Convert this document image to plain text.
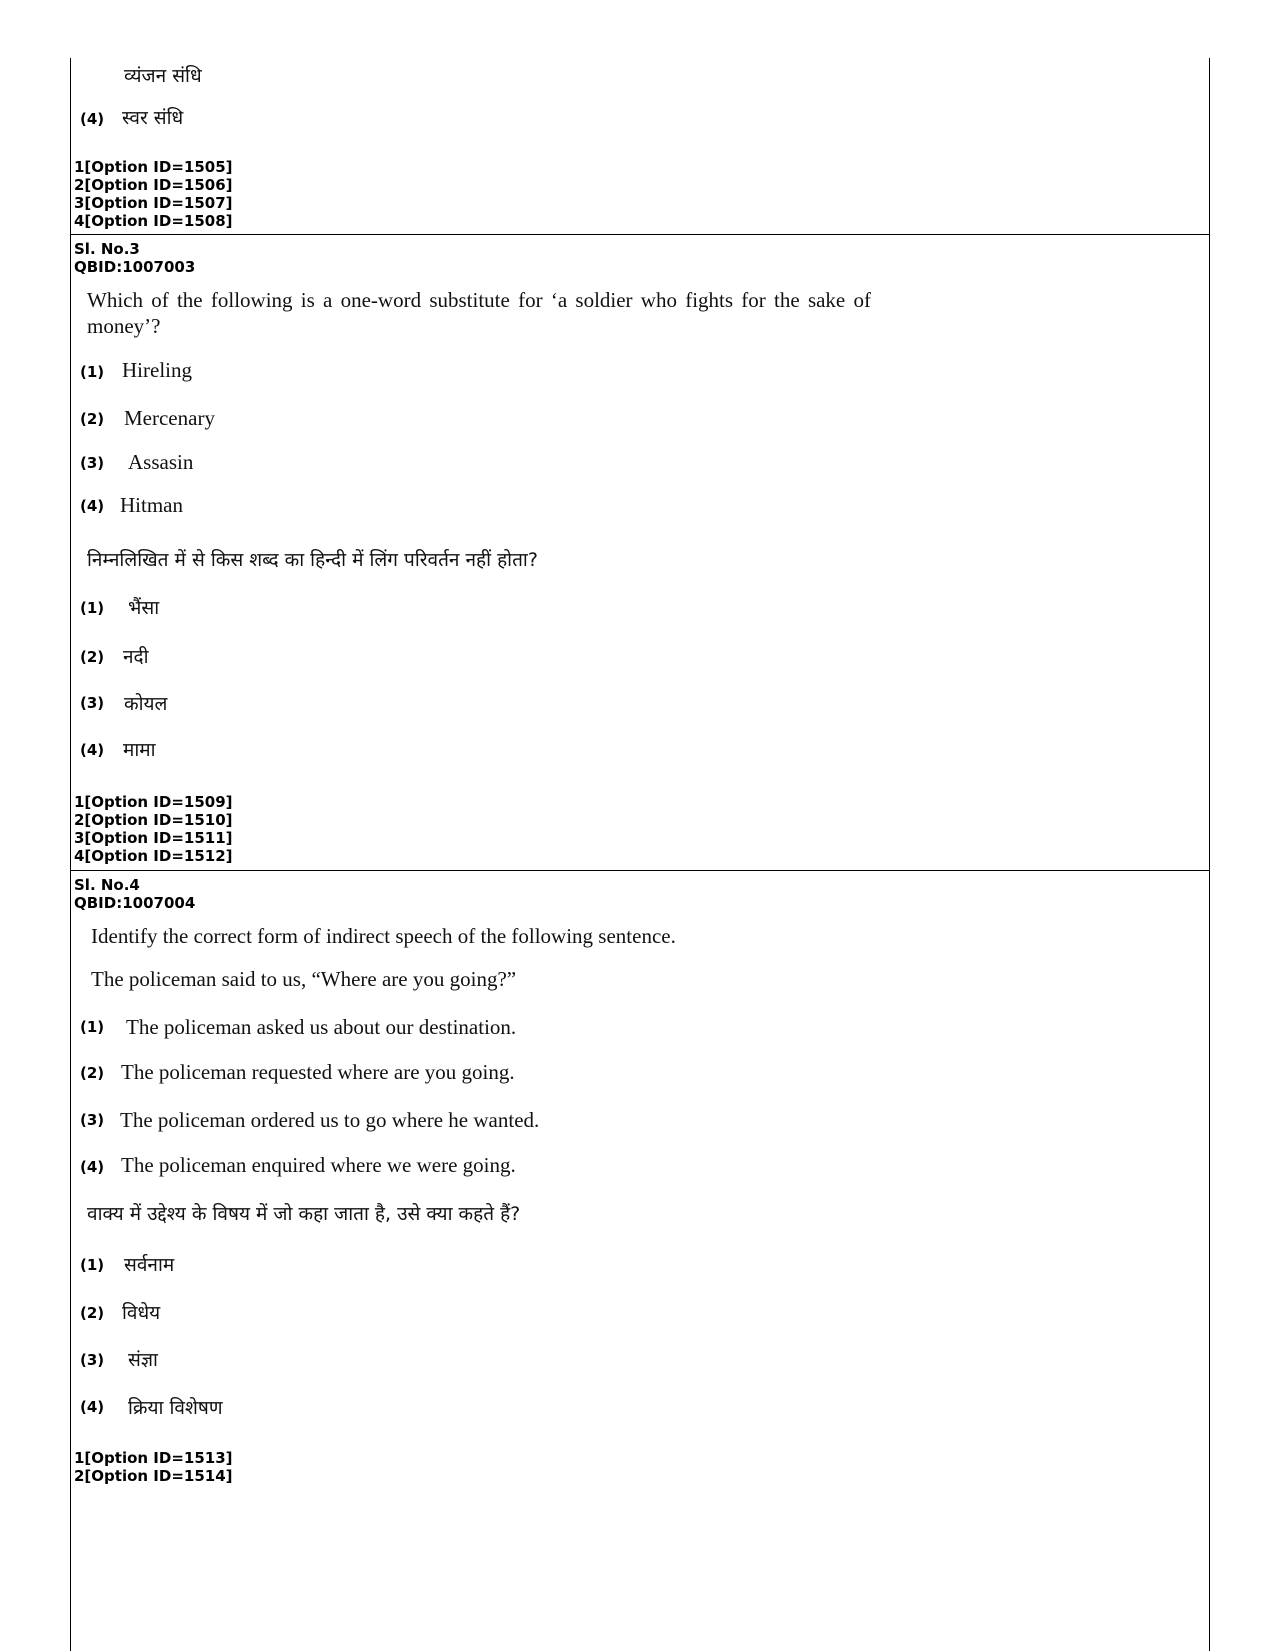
व्यंजन संधि
(4) स्वर संधि
1[Option ID=1505]
2[Option ID=1506]
3[Option ID=1507]
4[Option ID=1508]
Sl. No.3
QBID:1007003
Which of the following is a one-word substitute for ‘a soldier who fights for the sake of
money’?
(1) Hireling
(2) Mercenary
(3) Assasin
(4) Hitman
निम्नलिखित में से किस शब्द का हिन्दी में लिंग परिवर्तन नहीं होता?
(1) भैंसा
(2) नदी
(3) कोयल
(4) मामा
1[Option ID=1509]
2[Option ID=1510]
3[Option ID=1511]
4[Option ID=1512]
Sl. No.4
QBID:1007004
Identify the correct form of indirect speech of the following sentence.
The policeman said to us, “Where are you going?”
(1) The policeman asked us about our destination.
(2) The policeman requested where are you going.
(3) The policeman ordered us to go where he wanted.
(4) The policeman enquired where we were going.
वाक्य में उद्देश्य के विषय में जो कहा जाता है, उसे क्या कहते हैं?
(1) सर्वनाम
(2) विधेय
(3) संज्ञा
(4) क्रिया विशेषण
1[Option ID=1513]
2[Option ID=1514]
